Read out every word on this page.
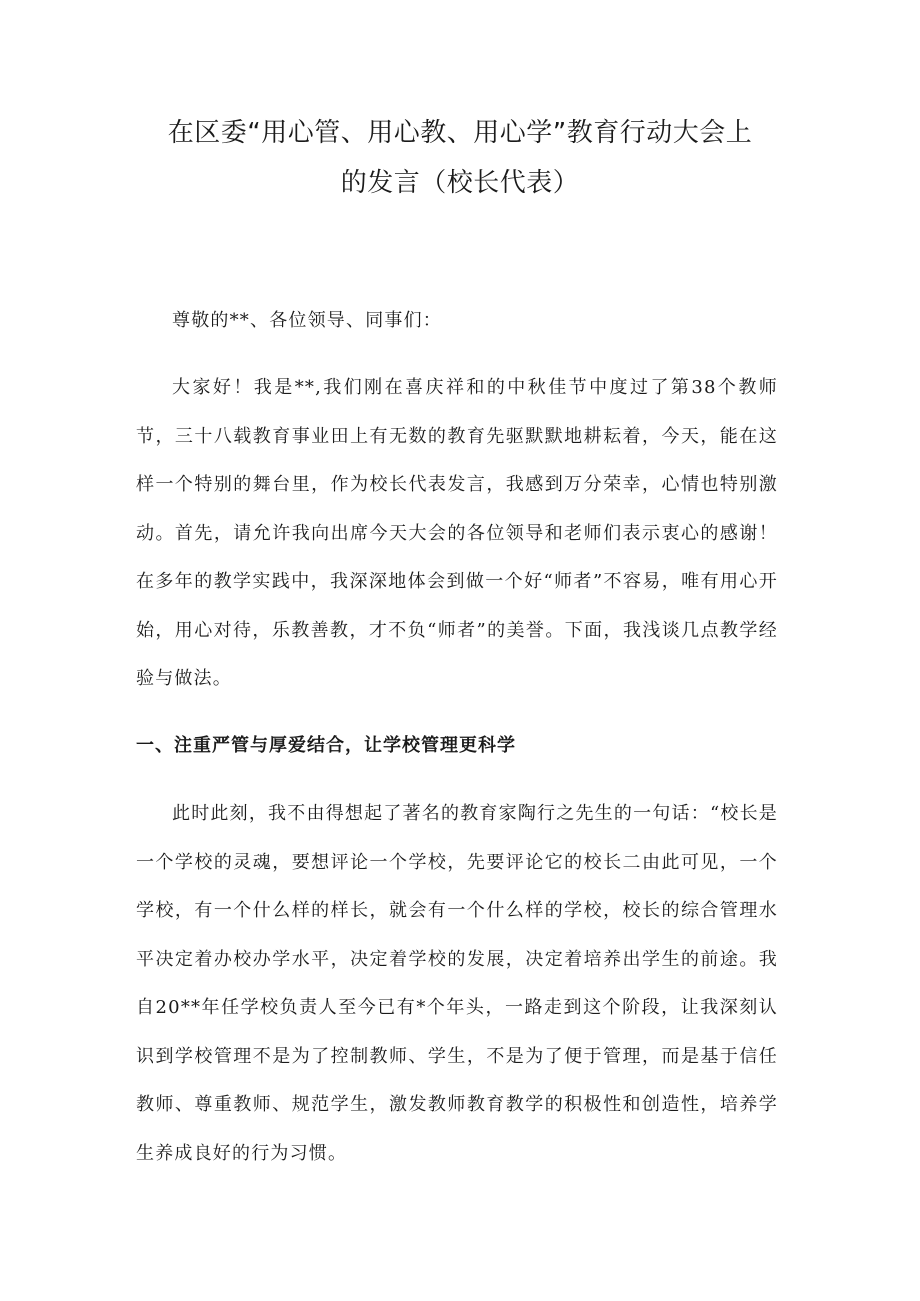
在区委“用心管、用心教、用心学”教育行动大会上
的发言（校长代表）

尊敬的**、各位领导、同事们：

大家好！我是**,我们刚在喜庆祥和的中秋佳节中度过了第38个教师节，三十八载教育事业田上有无数的教育先驱默默地耕耘着，今天，能在这样一个特别的舞台里，作为校长代表发言，我感到万分荣幸，心情也特别激动。首先，请允许我向出席今天大会的各位领导和老师们表示衷心的感谢！在多年的教学实践中，我深深地体会到做一个好“师者”不容易，唯有用心开始，用心对待，乐教善教，才不负“师者”的美誉。下面，我浅谈几点教学经验与做法。

一、注重严管与厚爱结合，让学校管理更科学

此时此刻，我不由得想起了著名的教育家陶行之先生的一句话：“校长是一个学校的灵魂，要想评论一个学校，先要评论它的校长二由此可见，一个学校，有一个什么样的样长，就会有一个什么样的学校，校长的综合管理水平决定着办校办学水平，决定着学校的发展，决定着培养出学生的前途。我自20**年任学校负责人至今已有*个年头，一路走到这个阶段，让我深刻认识到学校管理不是为了控制教师、学生，不是为了便于管理，而是基于信任教师、尊重教师、规范学生，激发教师教育教学的积极性和创造性，培养学生养成良好的行为习惯。
